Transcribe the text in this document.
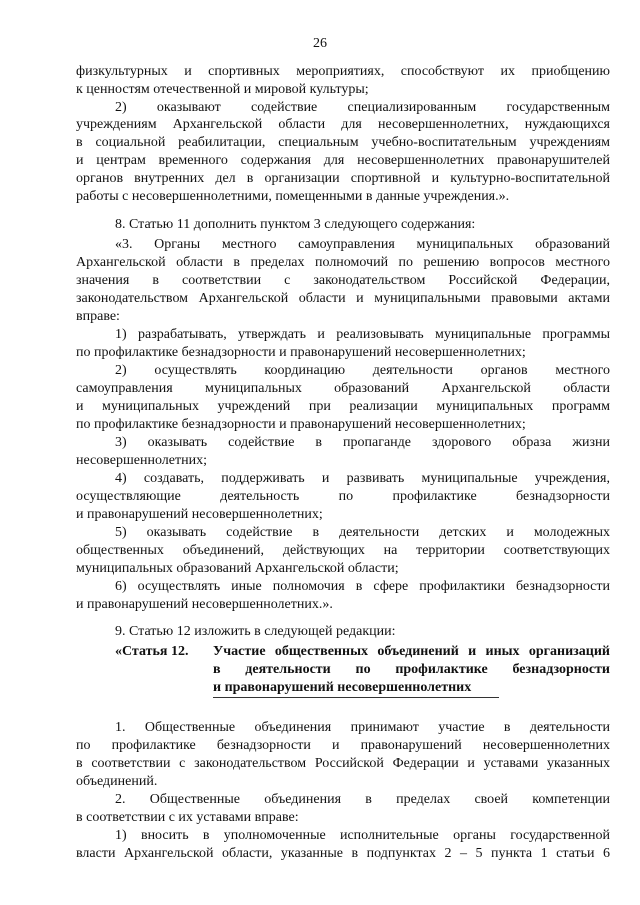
26
физкультурных и спортивных мероприятиях, способствуют их приобщению
к ценностям отечественной и мировой культуры;
2) оказывают содействие специализированным государственным
учреждениям Архангельской области для несовершеннолетних, нуждающихся
в социальной реабилитации, специальным учебно-воспитательным учреждениям
и центрам временного содержания для несовершеннолетних правонарушителей
органов внутренних дел в организации спортивной и культурно-воспитательной
работы с несовершеннолетними, помещенными в данные учреждения.».
8. Статью 11 дополнить пунктом 3 следующего содержания:
«3. Органы местного самоуправления муниципальных образований
Архангельской области в пределах полномочий по решению вопросов местного
значения в соответствии с законодательством Российской Федерации,
законодательством Архангельской области и муниципальными правовыми актами
вправе:
1) разрабатывать, утверждать и реализовывать муниципальные программы
по профилактике безнадзорности и правонарушений несовершеннолетних;
2) осуществлять координацию деятельности органов местного
самоуправления муниципальных образований Архангельской области
и муниципальных учреждений при реализации муниципальных программ
по профилактике безнадзорности и правонарушений несовершеннолетних;
3) оказывать содействие в пропаганде здорового образа жизни
несовершеннолетних;
4) создавать, поддерживать и развивать муниципальные учреждения,
осуществляющие деятельность по профилактике безнадзорности
и правонарушений несовершеннолетних;
5) оказывать содействие в деятельности детских и молодежных
общественных объединений, действующих на территории соответствующих
муниципальных образований Архангельской области;
6) осуществлять иные полномочия в сфере профилактики безнадзорности
и правонарушений несовершеннолетних.».
9. Статью 12 изложить в следующей редакции:
«Статья 12. Участие общественных объединений и иных организаций
в деятельности по профилактике безнадзорности
и правонарушений несовершеннолетних
1. Общественные объединения принимают участие в деятельности
по профилактике безнадзорности и правонарушений несовершеннолетних
в соответствии с законодательством Российской Федерации и уставами указанных
объединений.
2. Общественные объединения в пределах своей компетенции
в соответствии с их уставами вправе:
1) вносить в уполномоченные исполнительные органы государственной
власти Архангельской области, указанные в подпунктах 2 – 5 пункта 1 статьи 6
